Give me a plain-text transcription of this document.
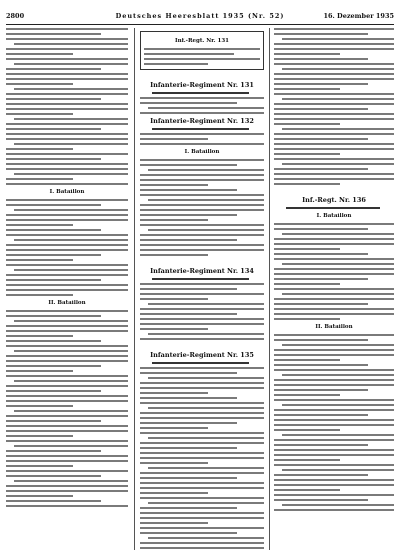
2800	Deutsches Heeresblatt 1935 (Nr. 52)	16. Dezember 1935
I. Bataillon
II. Bataillon
Inf.-Regt. Nr. 131
Infanterie-Regiment Nr. 131
Infanterie-Regiment Nr. 132
I. Bataillon
Infanterie-Regiment Nr. 134
Infanterie-Regiment Nr. 135
Inf.-Regt. Nr. 136
I. Bataillon
II. Bataillon
